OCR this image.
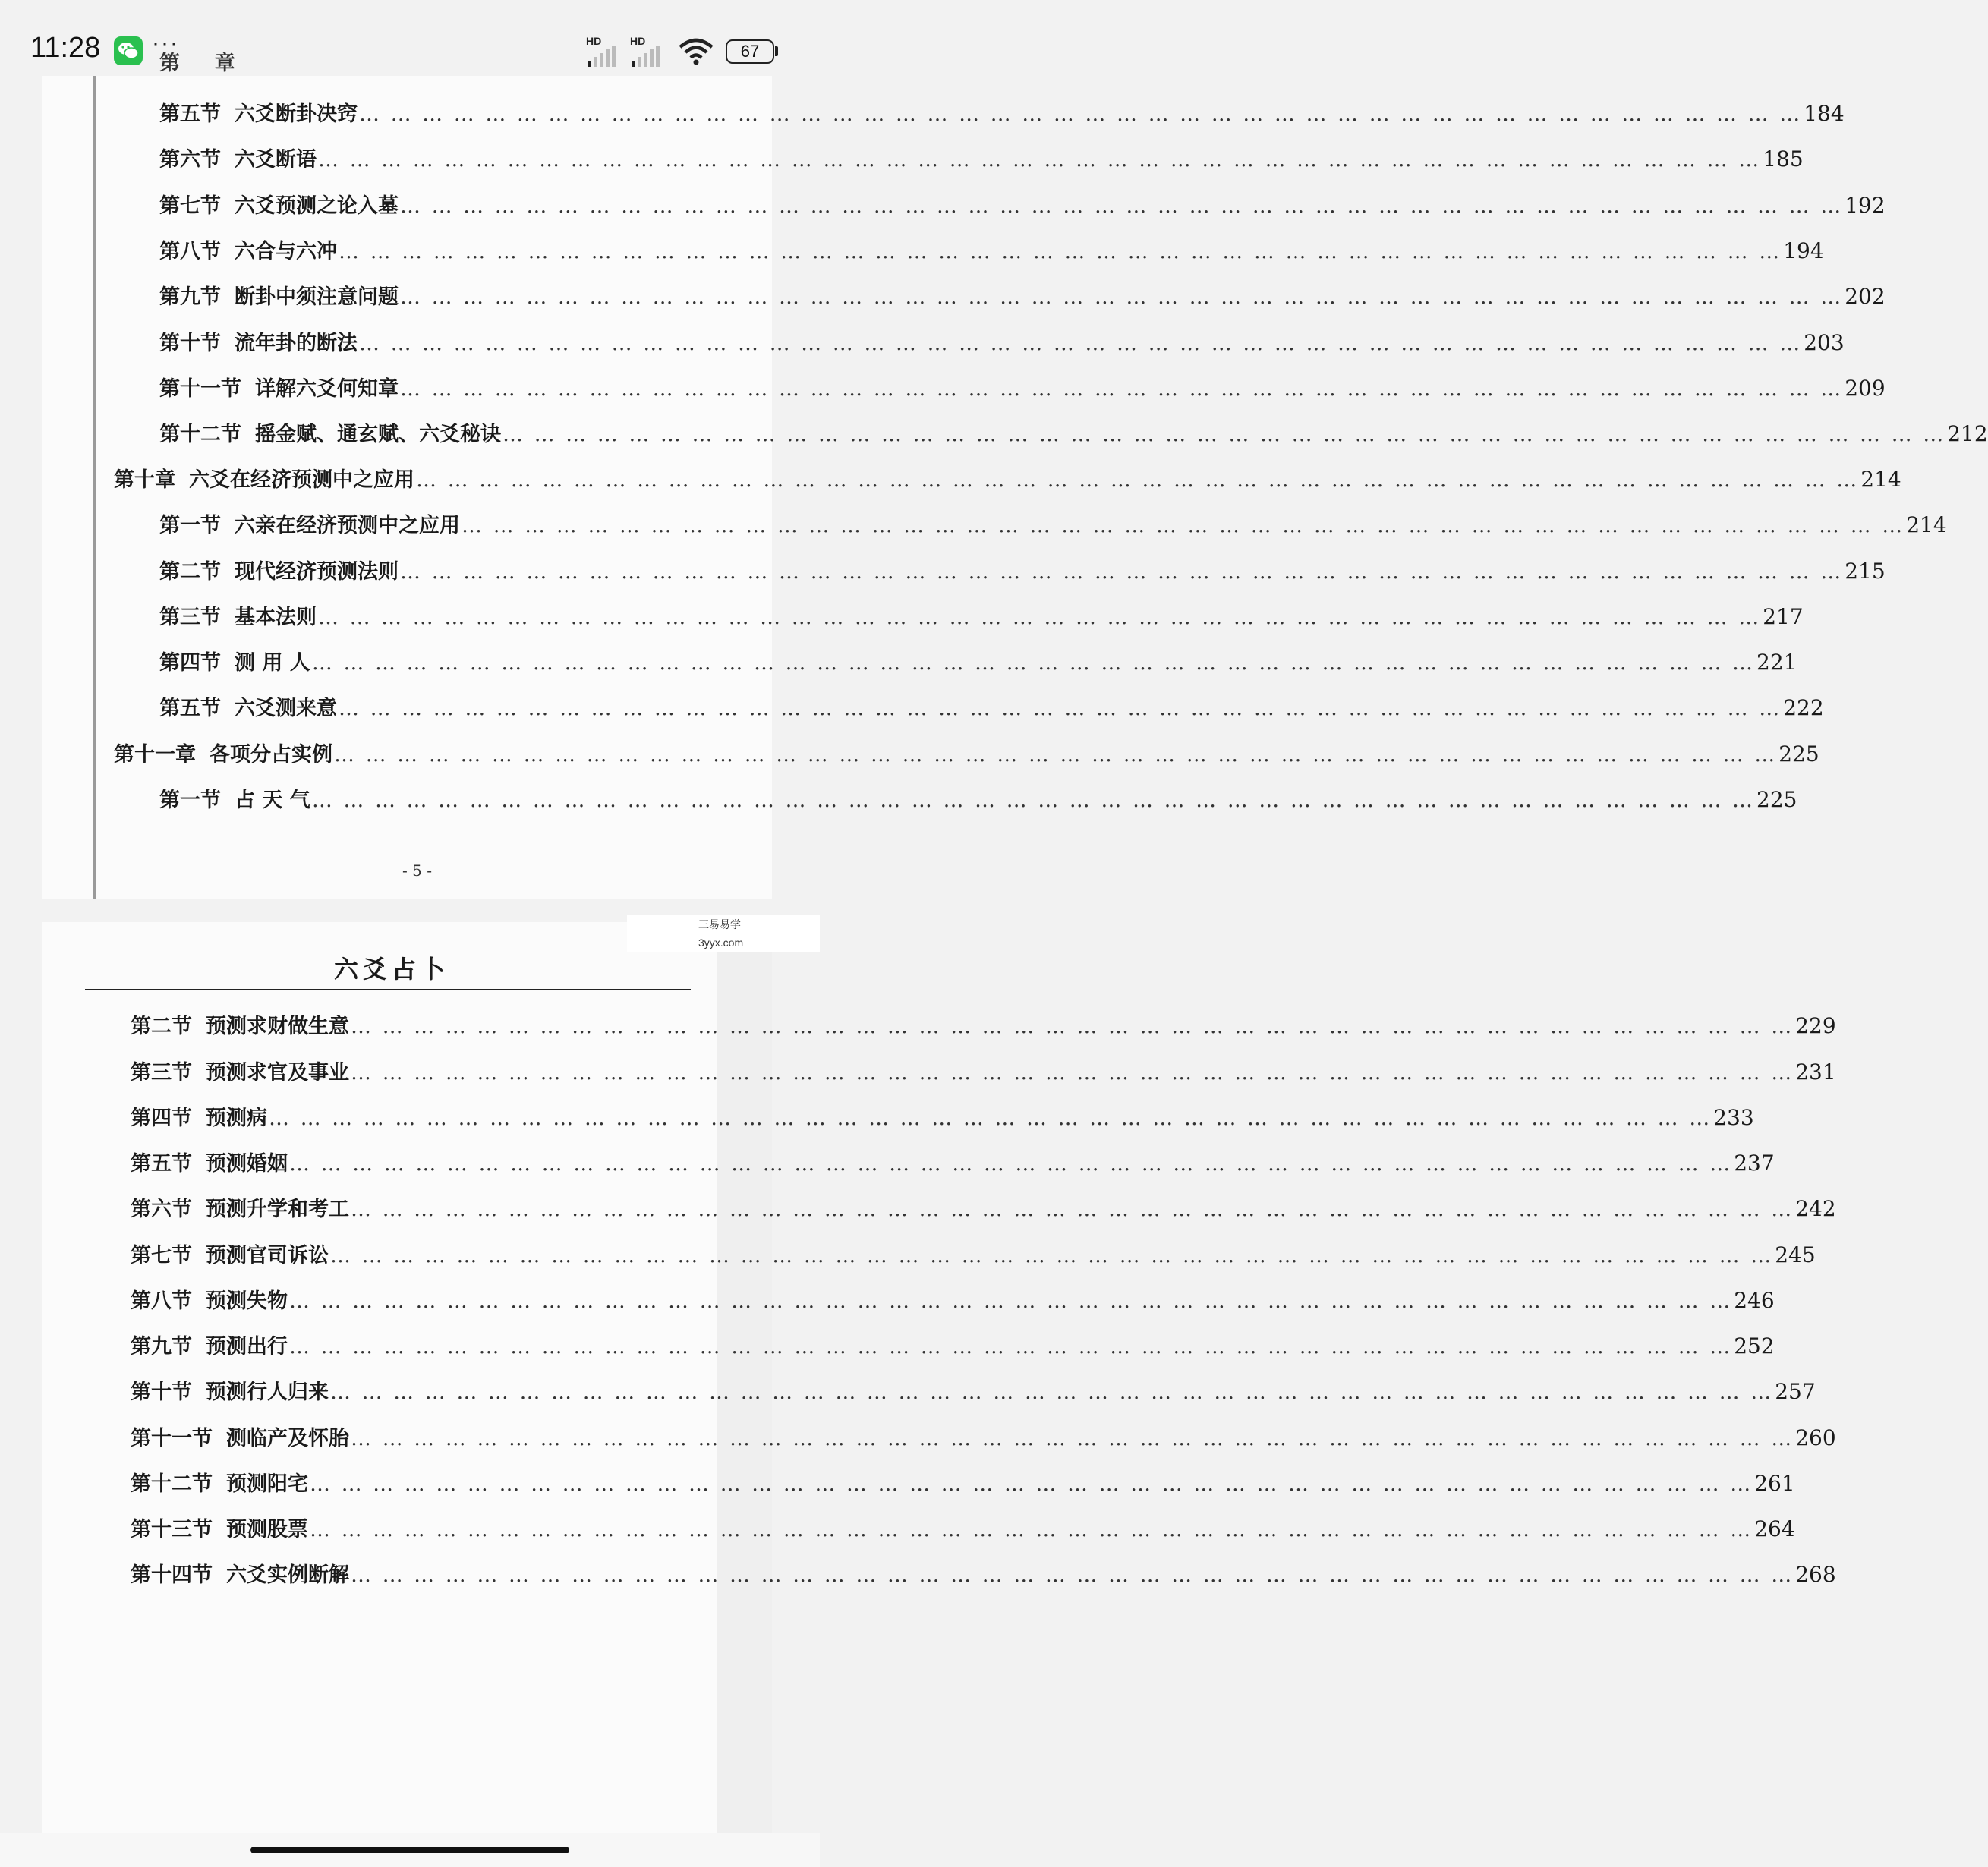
11:28 ···	HD	HD
67
第 　 章　 　 　 　 　 　 　 　 　
第五节 六爻断卦决窍 … … … … … … … … … … … … … … … … … … … … … … … … … … … … … … … … … … … … … … … … … … … … … …	184
第六节 六爻断语 … … … … … … … … … … … … … … … … … … … … … … … … … … … … … … … … … … … … … … … … … … … … … …	185
第七节 六爻预测之论入墓 … … … … … … … … … … … … … … … … … … … … … … … … … … … … … … … … … … … … … … … … … … … … … …	192
第八节 六合与六冲 … … … … … … … … … … … … … … … … … … … … … … … … … … … … … … … … … … … … … … … … … … … … … …	194
第九节 断卦中须注意问题 … … … … … … … … … … … … … … … … … … … … … … … … … … … … … … … … … … … … … … … … … … … … … …	202
第十节 流年卦的断法 … … … … … … … … … … … … … … … … … … … … … … … … … … … … … … … … … … … … … … … … … … … … … …	203
第十一节 详解六爻何知章 … … … … … … … … … … … … … … … … … … … … … … … … … … … … … … … … … … … … … … … … … … … … … …	209
第十二节 摇金赋、通玄赋、六爻秘诀 … … … … … … … … … … … … … … … … … … … … … … … … … … … … … … … … … … … … … … … … … … … … … …	212
第十章 六爻在经济预测中之应用 … … … … … … … … … … … … … … … … … … … … … … … … … … … … … … … … … … … … … … … … … … … … … …	214
第一节 六亲在经济预测中之应用 … … … … … … … … … … … … … … … … … … … … … … … … … … … … … … … … … … … … … … … … … … … … … …	214
第二节 现代经济预测法则 … … … … … … … … … … … … … … … … … … … … … … … … … … … … … … … … … … … … … … … … … … … … … …	215
第三节 基本法则 … … … … … … … … … … … … … … … … … … … … … … … … … … … … … … … … … … … … … … … … … … … … … …	217
第四节 测 用 人 … … … … … … … … … … … … … … … … … … … … … … … … … … … … … … … … … … … … … … … … … … … … … …	221
第五节 六爻测来意 … … … … … … … … … … … … … … … … … … … … … … … … … … … … … … … … … … … … … … … … … … … … … …	222
第十一章 各项分占实例 … … … … … … … … … … … … … … … … … … … … … … … … … … … … … … … … … … … … … … … … … … … … … …	225
第一节 占 天 气 … … … … … … … … … … … … … … … … … … … … … … … … … … … … … … … … … … … … … … … … … … … … … …	225
- 5 -
三易易学
3yyx.com
六爻占卜
第二节 预测求财做生意 … … … … … … … … … … … … … … … … … … … … … … … … … … … … … … … … … … … … … … … … … … … … … …	229
第三节 预测求官及事业 … … … … … … … … … … … … … … … … … … … … … … … … … … … … … … … … … … … … … … … … … … … … … …	231
第四节 预测病 … … … … … … … … … … … … … … … … … … … … … … … … … … … … … … … … … … … … … … … … … … … … … …	233
第五节 预测婚姻 … … … … … … … … … … … … … … … … … … … … … … … … … … … … … … … … … … … … … … … … … … … … … …	237
第六节 预测升学和考工 … … … … … … … … … … … … … … … … … … … … … … … … … … … … … … … … … … … … … … … … … … … … … …	242
第七节 预测官司诉讼 … … … … … … … … … … … … … … … … … … … … … … … … … … … … … … … … … … … … … … … … … … … … … …	245
第八节 预测失物 … … … … … … … … … … … … … … … … … … … … … … … … … … … … … … … … … … … … … … … … … … … … … …	246
第九节 预测出行 … … … … … … … … … … … … … … … … … … … … … … … … … … … … … … … … … … … … … … … … … … … … … …	252
第十节 预测行人归来 … … … … … … … … … … … … … … … … … … … … … … … … … … … … … … … … … … … … … … … … … … … … … …	257
第十一节 测临产及怀胎 … … … … … … … … … … … … … … … … … … … … … … … … … … … … … … … … … … … … … … … … … … … … … …	260
第十二节 预测阳宅 … … … … … … … … … … … … … … … … … … … … … … … … … … … … … … … … … … … … … … … … … … … … … …	261
第十三节 预测股票 … … … … … … … … … … … … … … … … … … … … … … … … … … … … … … … … … … … … … … … … … … … … … …	264
第十四节 六爻实例断解 … … … … … … … … … … … … … … … … … … … … … … … … … … … … … … … … … … … … … … … … … … … … … …	268
